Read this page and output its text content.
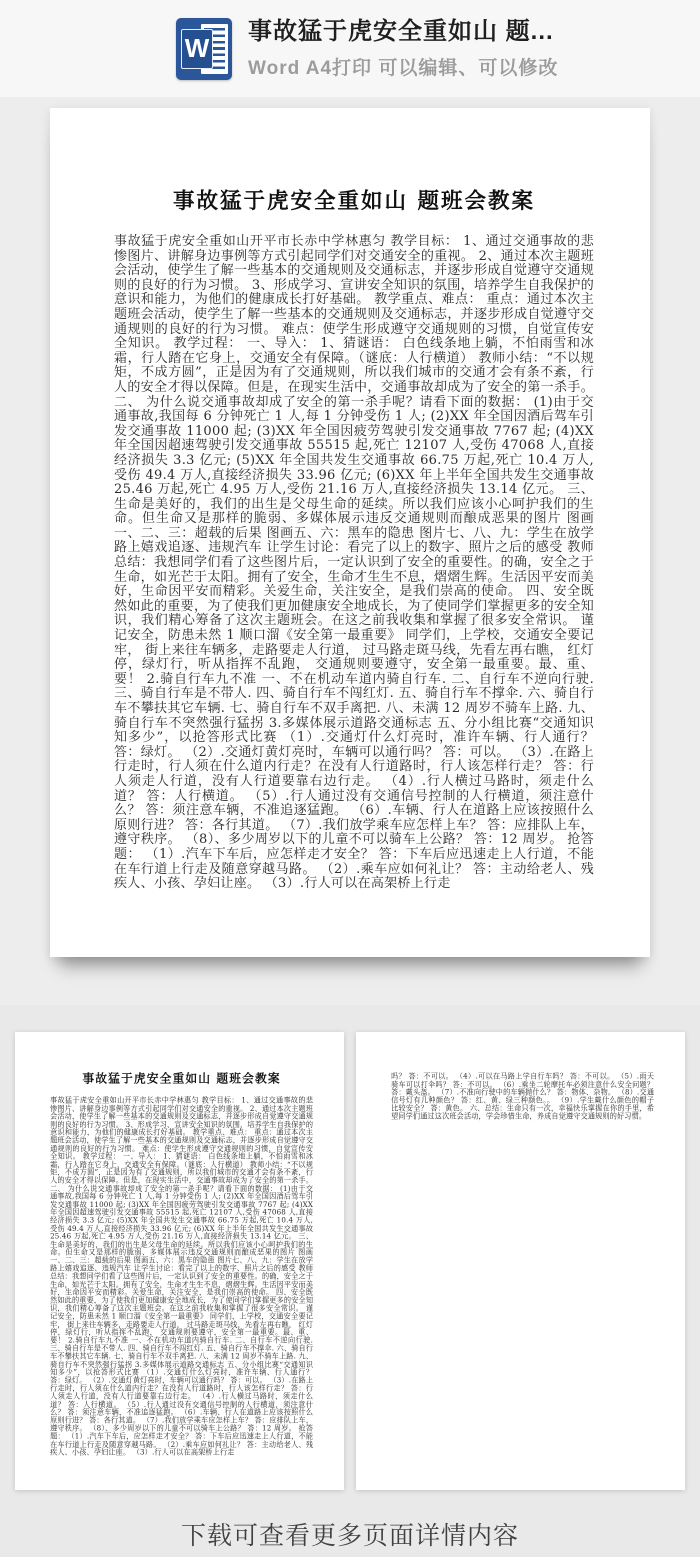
W
事故猛于虎安全重如山 题...
Word A4打印 可以编辑、可以修改
事故猛于虎安全重如山 题班会教案

事故猛于虎安全重如山开平市长赤中学林惠匀 教学目标： 1、通过交通事故的悲惨图片、讲解身边事例等方式引起同学们对交通安全的重视。 2、通过本次主题班会活动，使学生了解一些基本的交通规则及交通标志，并逐步形成自觉遵守交通规则的良好的行为习惯。 3、形成学习、宣讲安全知识的氛围，培养学生自我保护的意识和能力，为他们的健康成长打好基础。 教学重点、难点： 重点：通过本次主题班会活动，使学生了解一些基本的交通规则及交通标志，并逐步形成自觉遵守交通规则的良好的行为习惯。 难点：使学生形成遵守交通规则的习惯，自觉宣传安全知识。 教学过程： 一、导入： 1、猜谜语： 白色线条地上躺，不怕雨雪和冰霜，行人踏在它身上，交通安全有保障。（谜底：人行横道） 教师小结：“不以规矩，不成方圆”，正是因为有了交通规则，所以我们城市的交通才会有条不紊，行人的安全才得以保障。但是，在现实生活中，交通事故却成为了安全的第一杀手。 二、 为什么说交通事故却成了安全的第一杀手呢？请看下面的数据： (1)由于交通事故,我国每 6 分钟死亡 1 人,每 1 分钟受伤 1 人; (2)XX 年全国因酒后驾车引发交通事故 11000 起; (3)XX 年全国因疲劳驾驶引发交通事故 7767 起; (4)XX 年全国因超速驾驶引发交通事故 55515 起,死亡 12107 人,受伤 47068 人,直接经济损失 3.3 亿元; (5)XX 年全国共发生交通事故 66.75 万起,死亡 10.4 万人,受伤 49.4 万人,直接经济损失 33.96 亿元; (6)XX 年上半年全国共发生交通事故 25.46 万起,死亡 4.95 万人,受伤 21.16 万人,直接经济损失 13.14 亿元。 三、生命是美好的，我们的出生是父母生命的延续。所以我们应该小心呵护我们的生命。但生命又是那样的脆弱、多媒体展示违反交通规则而酿成恶果的图片 图画一、二、三：超载的后果 图画五、六：黑车的隐患 图片七、八、九：学生在放学路上嬉戏追逐、违规汽车 让学生讨论：看完了以上的数字、照片之后的感受 教师总结：我想同学们看了这些图片后，一定认识到了安全的重要性。的确，安全之于生命，如光芒于太阳。拥有了安全，生命才生生不息，熠熠生辉。生活因平安而美好，生命因平安而精彩。关爱生命，关注安全，是我们崇高的使命。 四、安全既然如此的重要，为了使我们更加健康安全地成长，为了使同学们掌握更多的安全知识，我们精心筹备了这次主题班会。在这之前我收集和掌握了很多安全常识。 谨记安全，防患未然 1 顺口溜《安全第一最重要》 同学们，上学校，交通安全要记牢， 街上来往车辆多，走路要走人行道， 过马路走斑马线，先看左再右瞧， 红灯停，绿灯行，听从指挥不乱跑， 交通规则要遵守，安全第一最重要。最、重、要！ 2.骑自行车九不准 一、不在机动车道内骑自行车. 二、自行车不逆向行驶. 三、骑自行车是不带人. 四、骑自行车不闯红灯. 五、骑自行车不撑伞. 六、骑自行车不攀扶其它车辆. 七、骑自行车不双手离把. 八、未满 12 周岁不骑车上路. 九、骑自行车不突然强行猛拐 3.多媒体展示道路交通标志 五、分小组比赛“交通知识知多少”，以抢答形式比赛 （1）.交通灯什么灯亮时，准许车辆、行人通行？ 答：绿灯。 （2）.交通灯黄灯亮时，车辆可以通行吗？ 答：可以。 （3）.在路上行走时，行人须在什么道内行走？在没有人行道路时，行人该怎样行走？ 答：行人须走人行道，没有人行道要靠右边行走。 （4）.行人横过马路时，须走什么道？ 答：人行横道。 （5）.行人通过没有交通信号控制的人行横道，须注意什么？ 答：须注意车辆，不准追逐猛跑。 （6）.车辆、行人在道路上应该按照什么原则行进？ 答：各行其道。 （7）.我们放学乘车应怎样上车？ 答：应排队上车，遵守秩序。 （8）、多少周岁以下的儿童不可以骑车上公路？ 答：12 周岁。 抢答题： （1）.汽车下车后，应怎样走才安全？ 答：下车后应迅速走上人行道，不能在车行道上行走及随意穿越马路。 （2）.乘车应如何礼让？ 答：主动给老人、残疾人、小孩、孕妇让座。 （3）.行人可以在高架桥上行走

事故猛于虎安全重如山 题班会教案

事故猛于虎安全重如山开平市长赤中学林惠匀 教学目标： 1、通过交通事故的悲惨图片、讲解身边事例等方式引起同学们对交通安全的重视。 2、通过本次主题班会活动，使学生了解一些基本的交通规则及交通标志，并逐步形成自觉遵守交通规则的良好的行为习惯。 3、形成学习、宣讲安全知识的氛围，培养学生自我保护的意识和能力，为他们的健康成长打好基础。 教学重点、难点： 重点：通过本次主题班会活动，使学生了解一些基本的交通规则及交通标志，并逐步形成自觉遵守交通规则的良好的行为习惯。 难点：使学生形成遵守交通规则的习惯，自觉宣传安全知识。 教学过程： 一、导入： 1、猜谜语： 白色线条地上躺，不怕雨雪和冰霜，行人踏在它身上，交通安全有保障。（谜底：人行横道） 教师小结：“不以规矩，不成方圆”，正是因为有了交通规则，所以我们城市的交通才会有条不紊，行人的安全才得以保障。但是，在现实生活中，交通事故却成为了安全的第一杀手。 二、 为什么说交通事故却成了安全的第一杀手呢？请看下面的数据： (1)由于交通事故,我国每 6 分钟死亡 1 人,每 1 分钟受伤 1 人; (2)XX 年全国因酒后驾车引发交通事故 11000 起; (3)XX 年全国因疲劳驾驶引发交通事故 7767 起; (4)XX 年全国因超速驾驶引发交通事故 55515 起,死亡 12107 人,受伤 47068 人,直接经济损失 3.3 亿元; (5)XX 年全国共发生交通事故 66.75 万起,死亡 10.4 万人,受伤 49.4 万人,直接经济损失 33.96 亿元; (6)XX 年上半年全国共发生交通事故 25.46 万起,死亡 4.95 万人,受伤 21.16 万人,直接经济损失 13.14 亿元。 三、生命是美好的，我们的出生是父母生命的延续。所以我们应该小心呵护我们的生命。但生命又是那样的脆弱、多媒体展示违反交通规则而酿成恶果的图片 图画一、二、三：超载的后果 图画五、六：黑车的隐患 图片七、八、九：学生在放学路上嬉戏追逐、违规汽车 让学生讨论：看完了以上的数字、照片之后的感受 教师总结：我想同学们看了这些图片后，一定认识到了安全的重要性。的确，安全之于生命，如光芒于太阳。拥有了安全，生命才生生不息，熠熠生辉。生活因平安而美好，生命因平安而精彩。关爱生命，关注安全，是我们崇高的使命。 四、安全既然如此的重要，为了使我们更加健康安全地成长，为了使同学们掌握更多的安全知识，我们精心筹备了这次主题班会。在这之前我收集和掌握了很多安全常识。 谨记安全，防患未然 1 顺口溜《安全第一最重要》 同学们，上学校，交通安全要记牢， 街上来往车辆多，走路要走人行道， 过马路走斑马线，先看左再右瞧， 红灯停，绿灯行，听从指挥不乱跑， 交通规则要遵守，安全第一最重要。最、重、要！ 2.骑自行车九不准 一、不在机动车道内骑自行车. 二、自行车不逆向行驶. 三、骑自行车是不带人. 四、骑自行车不闯红灯. 五、骑自行车不撑伞. 六、骑自行车不攀扶其它车辆. 七、骑自行车不双手离把. 八、未满 12 周岁不骑车上路. 九、骑自行车不突然强行猛拐 3.多媒体展示道路交通标志 五、分小组比赛“交通知识知多少”，以抢答形式比赛 （1）.交通灯什么灯亮时，准许车辆、行人通行？ 答：绿灯。 （2）.交通灯黄灯亮时，车辆可以通行吗？ 答：可以。 （3）.在路上行走时，行人须在什么道内行走？在没有人行道路时，行人该怎样行走？ 答：行人须走人行道，没有人行道要靠右边行走。 （4）.行人横过马路时，须走什么道？ 答：人行横道。 （5）.行人通过没有交通信号控制的人行横道，须注意什么？ 答：须注意车辆，不准追逐猛跑。 （6）.车辆、行人在道路上应该按照什么原则行进？ 答：各行其道。 （7）.我们放学乘车应怎样上车？ 答：应排队上车，遵守秩序。 （8）、多少周岁以下的儿童不可以骑车上公路？ 答：12 周岁。 抢答题： （1）.汽车下车后，应怎样走才安全？ 答：下车后应迅速走上人行道，不能在车行道上行走及随意穿越马路。 （2）.乘车应如何礼让？ 答：主动给老人、残疾人、小孩、孕妇让座。 （3）.行人可以在高架桥上行走

吗？ 答：不可以。 （4）.可以在马路上学自行车吗？ 答：不可以。 （5）.雨天骑车可以打伞吗？ 答：不可以。 （6）.乘坐二轮摩托车必须注意什么安全问题？ 答：戴头盔。 （7）.不准向行驶中的车辆抛什么？ 答：物体、杂物。 （8）.交通信号灯有几种颜色？ 答：红、黄、绿三种颜色。。 （9）.学生戴什么颜色的帽子比较安全？ 答：黄色。 六、总结：生命只有一次，幸福快乐掌握在你的手里，希望同学们通过这次班会活动，学会珍惜生命，养成自觉遵守交通规则的好习惯。

下载可查看更多页面详情内容
